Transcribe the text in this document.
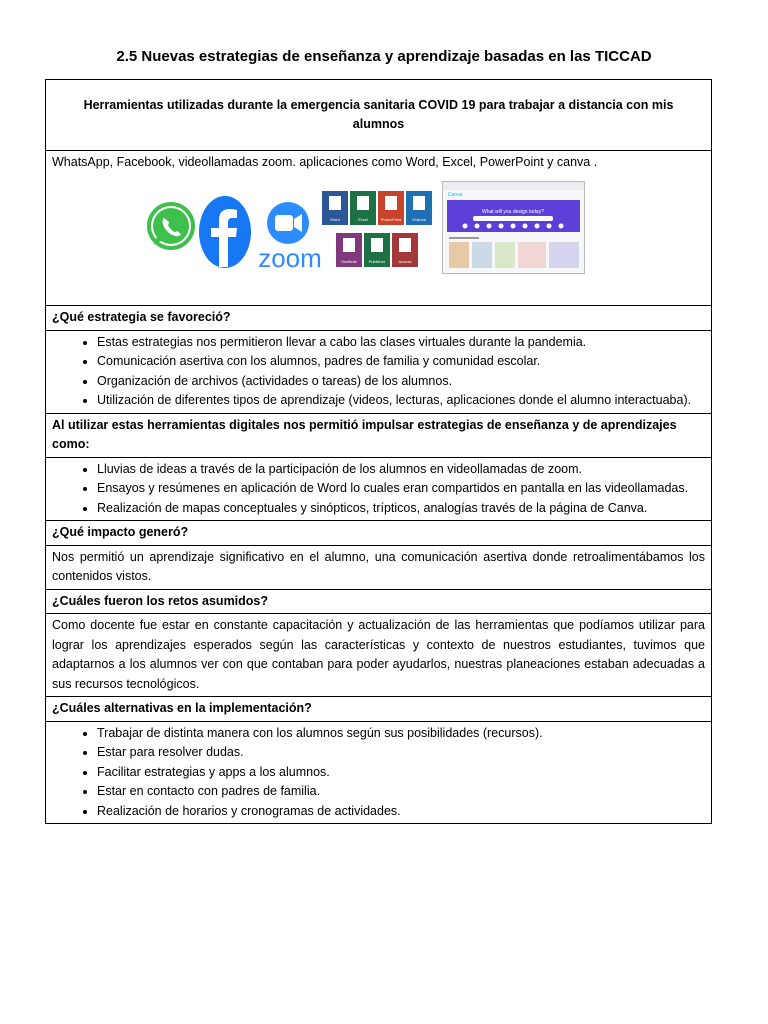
2.5 Nuevas estrategias de enseñanza y aprendizaje basadas en las TICCAD
Herramientas utilizadas durante la emergencia sanitaria COVID 19 para trabajar a distancia con mis alumnos

WhatsApp, Facebook, videollamadas zoom. aplicaciones como Word, Excel, PowerPoint y canva .
zoom
Word	Excel	PowerPoint	Outlook
OneNote	Publisher	Access
Canva
What will you design today?

¿Qué estrategia se favoreció?

• Estas estrategias nos permitieron llevar a cabo las clases virtuales durante la pandemia.
• Comunicación asertiva con los alumnos, padres de familia y comunidad escolar.
• Organización de archivos (actividades o tareas) de los alumnos.
• Utilización de diferentes tipos de aprendizaje (videos, lecturas, aplicaciones donde el alumno interactuaba).

Al utilizar estas herramientas digitales nos permitió impulsar estrategias de enseñanza y de aprendizajes como:

• Lluvias de ideas a través de la participación de los alumnos en videollamadas de zoom.
• Ensayos y resúmenes en aplicación de Word lo cuales eran compartidos en pantalla en las videollamadas.
• Realización de mapas conceptuales y sinópticos, trípticos, analogías través de la página de Canva.

¿Qué impacto generó?
Nos permitió un aprendizaje significativo en el alumno, una comunicación asertiva donde retroalimentábamos los contenidos vistos.
¿Cuáles fueron los retos asumidos?
Como docente fue estar en constante capacitación y actualización de las herramientas que podíamos utilizar para lograr los aprendizajes esperados según las características y contexto de nuestros estudiantes, tuvimos que adaptarnos a los alumnos ver con que contaban para poder ayudarlos, nuestras planeaciones estaban adecuadas a sus recursos tecnológicos.
¿Cuáles alternativas en la implementación?

• Trabajar de distinta manera con los alumnos según sus posibilidades (recursos).
• Estar para resolver dudas.
• Facilitar estrategias y apps a los alumnos.
• Estar en contacto con padres de familia.
• Realización de horarios y cronogramas de actividades.
